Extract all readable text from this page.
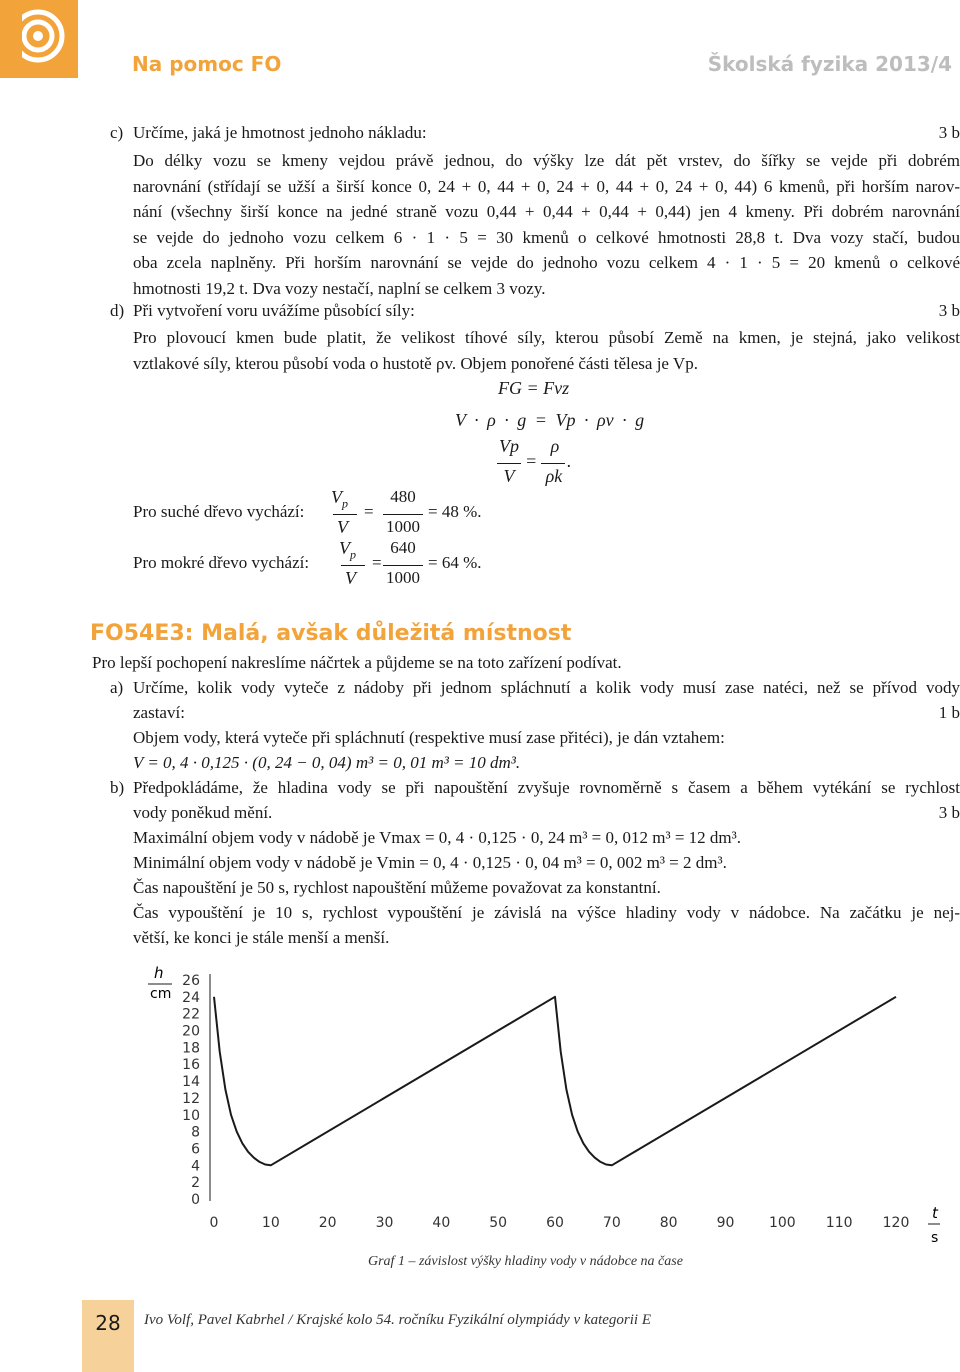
Na pomoc FO	Školská fyzika 2013/4
c) Určíme, jaká je hmotnost jednoho nákladu:	3 b
Do délky vozu se kmeny vejdou právě jednou, do výšky lze dát pět vrstev, do šířky se vejde při dobrém
narovnání (střídají se užší a širší konce 0, 24 + 0, 44 + 0, 24 + 0, 44 + 0, 24 + 0, 44) 6 kmenů, při horším narov-
nání (všechny širší konce na jedné straně vozu 0,44 + 0,44 + 0,44 + 0,44) jen 4 kmeny. Při dobrém narovnání
se vejde do jednoho vozu celkem 6 · 1 · 5 = 30 kmenů o celkové hmotnosti 28,8 t. Dva vozy stačí, budou
oba zcela naplněny. Při horším narovnání se vejde do jednoho vozu celkem 4 · 1 · 5 = 20 kmenů o celkové
hmotnosti 19,2 t. Dva vozy nestačí, naplní se celkem 3 vozy.
d) Při vytvoření voru uvážíme působící síly:	3 b
Pro plovoucí kmen bude platit, že velikost tíhové síly, kterou působí Země na kmen, je stejná, jako velikost
vztlakové síly, kterou působí voda o hustotě ρv. Objem ponořené části tělesa je Vp.
FG = Fvz
V · ρ · g = Vp · ρv · g
Vp
V
=
ρ
ρk
.
Pro suché dřevo vychází:
$V_p$
V
=
480
1000
= 48 %.
Pro mokré dřevo vychází:
$V_p$
V
=
640
1000
= 64 %.
FO54E3: Malá, avšak důležitá místnost
Pro lepší pochopení nakreslíme náčrtek a půjdeme se na toto zařízení podívat.
a) Určíme, kolik vody vyteče z nádoby při jednom spláchnutí a kolik vody musí zase natéci, než se přívod vody
zastaví:	1 b
Objem vody, která vyteče při spláchnutí (respektive musí zase přitéci), je dán vztahem:
V = 0, 4 · 0,125 · (0, 24 − 0, 04) m³ = 0, 01 m³ = 10 dm³.
b) Předpokládáme, že hladina vody se při napouštění zvyšuje rovnoměrně s časem a během vytékání se rychlost
vody poněkud mění.	3 b
Maximální objem vody v nádobě je Vmax = 0, 4 · 0,125 · 0, 24 m³ = 0, 012 m³ = 12 dm³.
Minimální objem vody v nádobě je Vmin = 0, 4 · 0,125 · 0, 04 m³ = 0, 002 m³ = 2 dm³.
Čas napouštění je 50 s, rychlost napouštění můžeme považovat za konstantní.
Čas vypouštění je 10 s, rychlost vypouštění je závislá na výšce hladiny vody v nádobce. Na začátku je nej-
větší, ke konci je stále menší a menší.
0
2
4
6
8
10
12
14
16
18
20
22
24
26
0	10	20	30	40	50	60	70	80	90 100 110 120
h
cm
t
s
Graf 1 – závislost výšky hladiny vody v nádobce na čase
28	Ivo Volf, Pavel Kabrhel / Krajské kolo 54. ročníku Fyzikální olympiády v kategorii E
